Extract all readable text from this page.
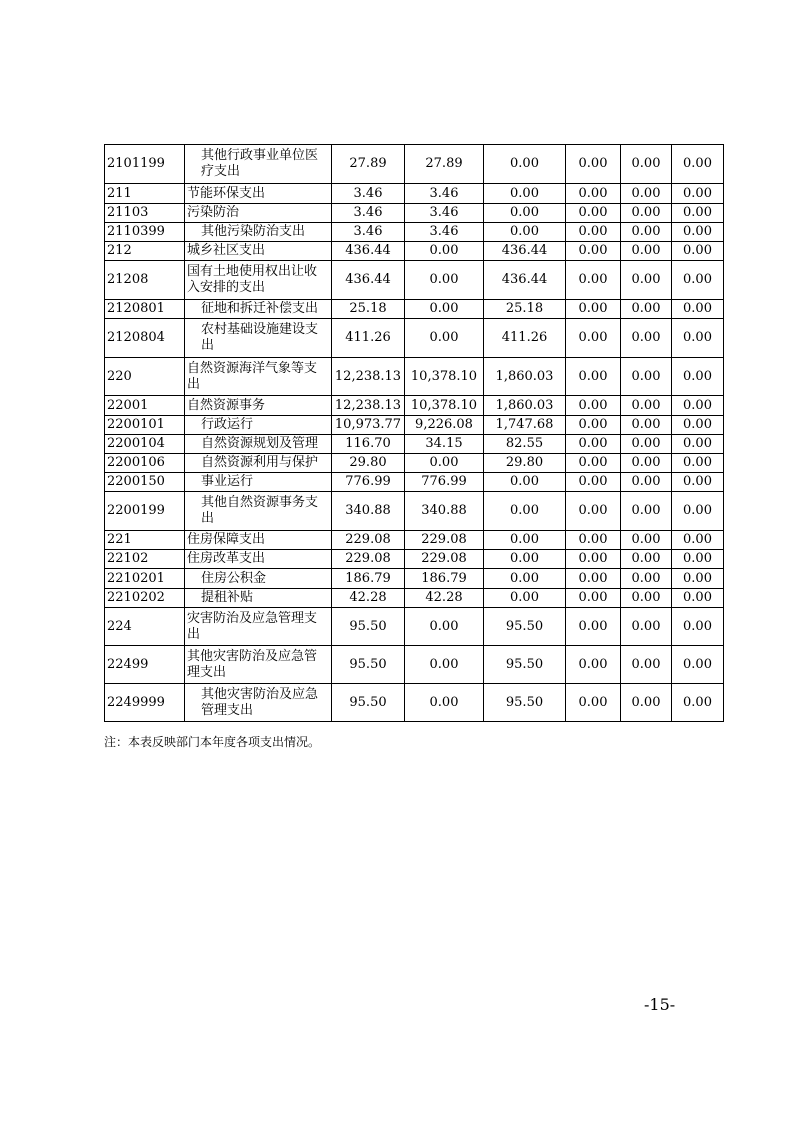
2101199	其他行政事业单位医疗支出	27.89	27.89	0.00	0.00	0.00	0.00
211	节能环保支出	3.46	3.46	0.00	0.00	0.00	0.00
21103	污染防治	3.46	3.46	0.00	0.00	0.00	0.00
2110399	其他污染防治支出	3.46	3.46	0.00	0.00	0.00	0.00
212	城乡社区支出	436.44	0.00	436.44	0.00	0.00	0.00
21208	国有土地使用权出让收入安排的支出	436.44	0.00	436.44	0.00	0.00	0.00
2120801	征地和拆迁补偿支出	25.18	0.00	25.18	0.00	0.00	0.00
2120804	农村基础设施建设支出	411.26	0.00	411.26	0.00	0.00	0.00
220	自然资源海洋气象等支出	12,238.13	10,378.10	1,860.03	0.00	0.00	0.00
22001	自然资源事务	12,238.13	10,378.10	1,860.03	0.00	0.00	0.00
2200101	行政运行	10,973.77	9,226.08	1,747.68	0.00	0.00	0.00
2200104	自然资源规划及管理	116.70	34.15	82.55	0.00	0.00	0.00
2200106	自然资源利用与保护	29.80	0.00	29.80	0.00	0.00	0.00
2200150	事业运行	776.99	776.99	0.00	0.00	0.00	0.00
2200199	其他自然资源事务支出	340.88	340.88	0.00	0.00	0.00	0.00
221	住房保障支出	229.08	229.08	0.00	0.00	0.00	0.00
22102	住房改革支出	229.08	229.08	0.00	0.00	0.00	0.00
2210201	住房公积金	186.79	186.79	0.00	0.00	0.00	0.00
2210202	提租补贴	42.28	42.28	0.00	0.00	0.00	0.00
224	灾害防治及应急管理支出	95.50	0.00	95.50	0.00	0.00	0.00
22499	其他灾害防治及应急管理支出	95.50	0.00	95.50	0.00	0.00	0.00
2249999	其他灾害防治及应急管理支出	95.50	0.00	95.50	0.00	0.00	0.00
注：本表反映部门本年度各项支出情况。
-15-
